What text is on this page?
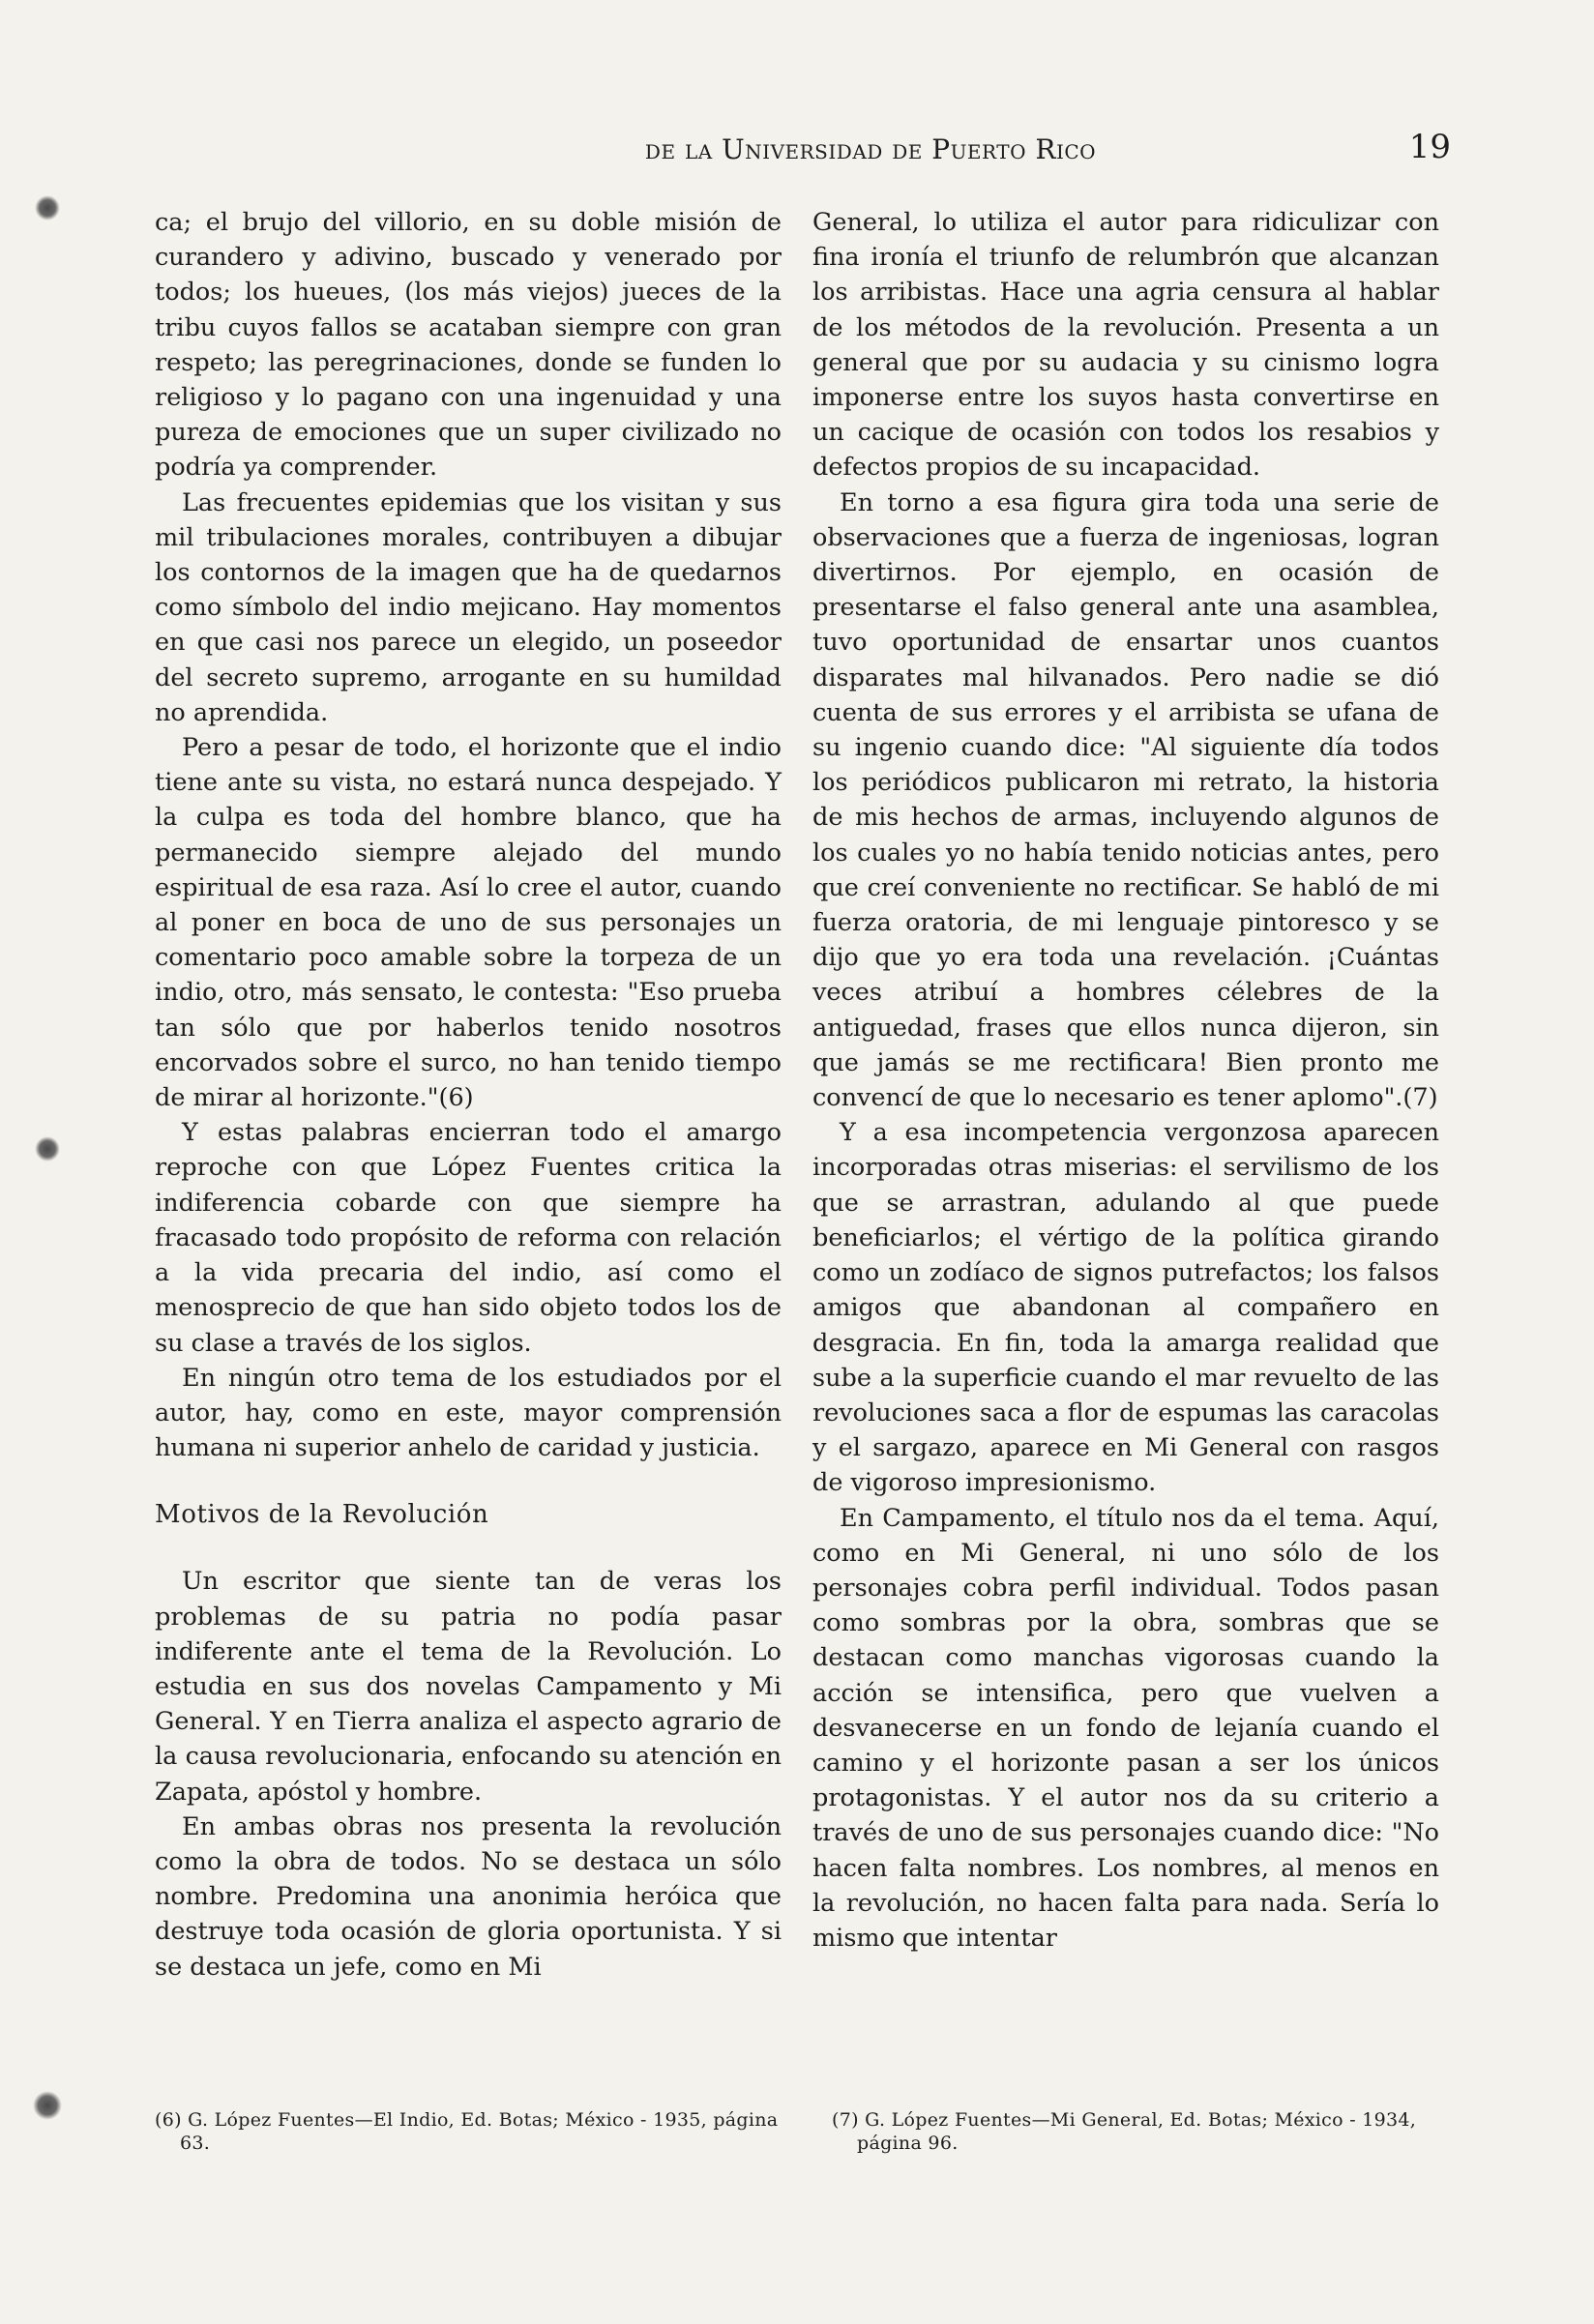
de la Universidad de Puerto Rico	19

ca; el brujo del villorio, en su doble misión de curandero y adivino, buscado y venerado por todos; los hueues, (los más viejos) jueces de la tribu cuyos fallos se acataban siempre con gran respeto; las peregrinaciones, donde se funden lo religioso y lo pagano con una ingenuidad y una pureza de emociones que un super civilizado no podría ya comprender.

Las frecuentes epidemias que los visitan y sus mil tribulaciones morales, contribuyen a dibujar los contornos de la imagen que ha de quedarnos como símbolo del indio mejicano. Hay momentos en que casi nos parece un elegido, un poseedor del secreto supremo, arrogante en su humildad no aprendida.

Pero a pesar de todo, el horizonte que el indio tiene ante su vista, no estará nunca despejado. Y la culpa es toda del hombre blanco, que ha permanecido siempre alejado del mundo espiritual de esa raza. Así lo cree el autor, cuando al poner en boca de uno de sus personajes un comentario poco amable sobre la torpeza de un indio, otro, más sensato, le contesta: "Eso prueba tan sólo que por haberlos tenido nosotros encorvados sobre el surco, no han tenido tiempo de mirar al horizonte."(6)

Y estas palabras encierran todo el amargo reproche con que López Fuentes critica la indiferencia cobarde con que siempre ha fracasado todo propósito de reforma con relación a la vida precaria del indio, así como el menosprecio de que han sido objeto todos los de su clase a través de los siglos.

En ningún otro tema de los estudiados por el autor, hay, como en este, mayor comprensión humana ni superior anhelo de caridad y justicia.

Motivos de la Revolución

Un escritor que siente tan de veras los problemas de su patria no podía pasar indiferente ante el tema de la Revolución. Lo estudia en sus dos novelas Campamento y Mi General. Y en Tierra analiza el aspecto agrario de la causa revolucionaria, enfocando su atención en Zapata, apóstol y hombre.

En ambas obras nos presenta la revolución como la obra de todos. No se destaca un sólo nombre. Predomina una anonimia heróica que destruye toda ocasión de gloria oportunista. Y si se destaca un jefe, como en Mi

General, lo utiliza el autor para ridiculizar con fina ironía el triunfo de relumbrón que alcanzan los arribistas. Hace una agria censura al hablar de los métodos de la revolución. Presenta a un general que por su audacia y su cinismo logra imponerse entre los suyos hasta convertirse en un cacique de ocasión con todos los resabios y defectos propios de su incapacidad.

En torno a esa figura gira toda una serie de observaciones que a fuerza de ingeniosas, logran divertirnos. Por ejemplo, en ocasión de presentarse el falso general ante una asamblea, tuvo oportunidad de ensartar unos cuantos disparates mal hilvanados. Pero nadie se dió cuenta de sus errores y el arribista se ufana de su ingenio cuando dice: "Al siguiente día todos los periódicos publicaron mi retrato, la historia de mis hechos de armas, incluyendo algunos de los cuales yo no había tenido noticias antes, pero que creí conveniente no rectificar. Se habló de mi fuerza oratoria, de mi lenguaje pintoresco y se dijo que yo era toda una revelación. ¡Cuántas veces atribuí a hombres célebres de la antiguedad, frases que ellos nunca dijeron, sin que jamás se me rectificara! Bien pronto me convencí de que lo necesario es tener aplomo".(7)

Y a esa incompetencia vergonzosa aparecen incorporadas otras miserias: el servilismo de los que se arrastran, adulando al que puede beneficiarlos; el vértigo de la política girando como un zodíaco de signos putrefactos; los falsos amigos que abandonan al compañero en desgracia. En fin, toda la amarga realidad que sube a la superficie cuando el mar revuelto de las revoluciones saca a flor de espumas las caracolas y el sargazo, aparece en Mi General con rasgos de vigoroso impresionismo.

En Campamento, el título nos da el tema. Aquí, como en Mi General, ni uno sólo de los personajes cobra perfil individual. Todos pasan como sombras por la obra, sombras que se destacan como manchas vigorosas cuando la acción se intensifica, pero que vuelven a desvanecerse en un fondo de lejanía cuando el camino y el horizonte pasan a ser los únicos protagonistas. Y el autor nos da su criterio a través de uno de sus personajes cuando dice: "No hacen falta nombres. Los nombres, al menos en la revolución, no hacen falta para nada. Sería lo mismo que intentar

(6) G. López Fuentes—El Indio, Ed. Botas; México - 1935, página 63.

(7) G. López Fuentes—Mi General, Ed. Botas; México - 1934, página 96.
